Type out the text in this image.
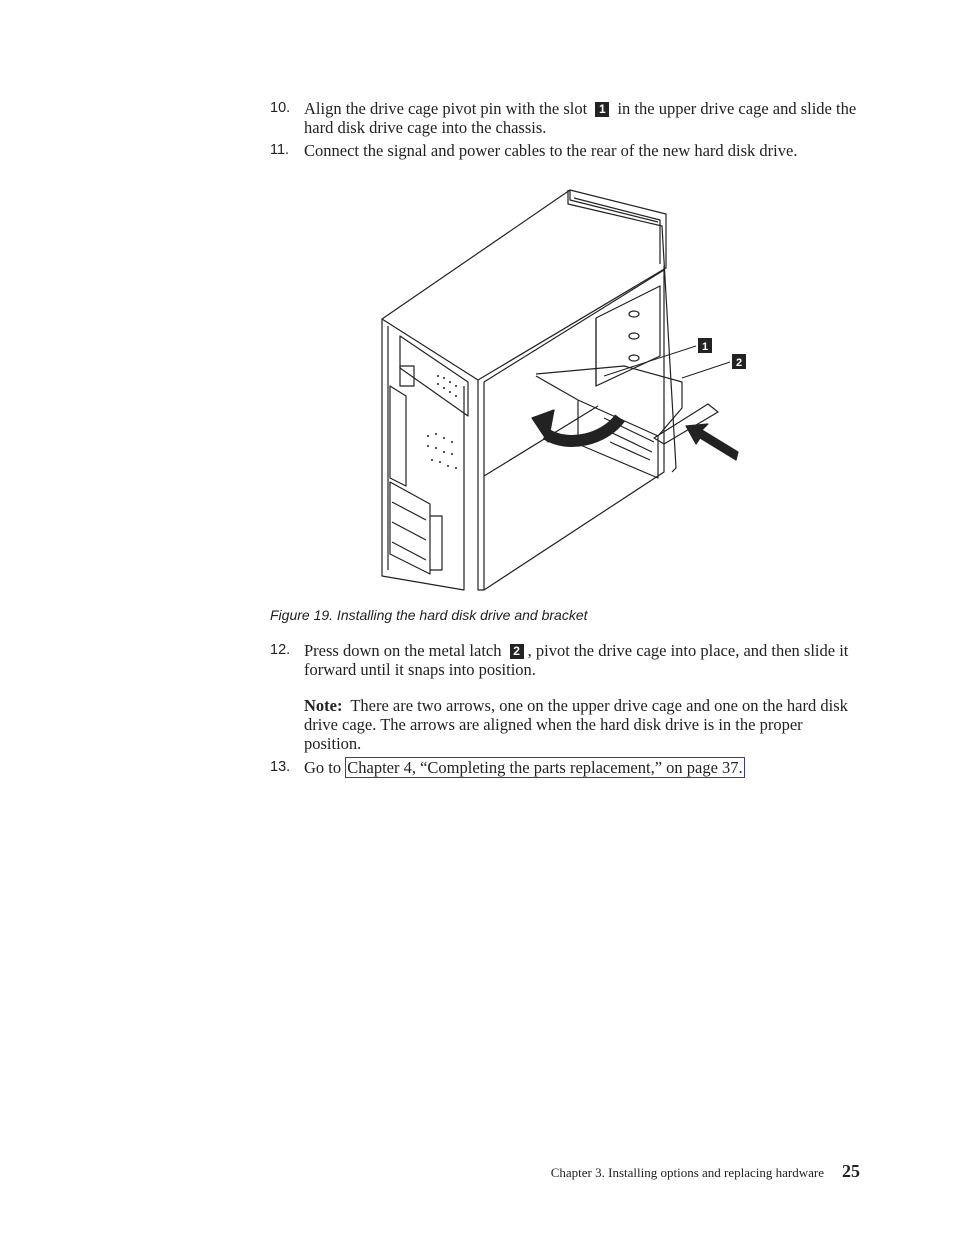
10. Align the drive cage pivot pin with the slot 1 in the upper drive cage and slide the hard disk drive cage into the chassis.
11. Connect the signal and power cables to the rear of the new hard disk drive.
1
2
Figure 19. Installing the hard disk drive and bracket
12. Press down on the metal latch 2 , pivot the drive cage into place, and then slide it forward until it snaps into position.
Note: There are two arrows, one on the upper drive cage and one on the hard disk drive cage. The arrows are aligned when the hard disk drive is in the proper position.
13. Go to Chapter 4, “Completing the parts replacement,” on page 37.
Chapter 3. Installing options and replacing hardware 25
